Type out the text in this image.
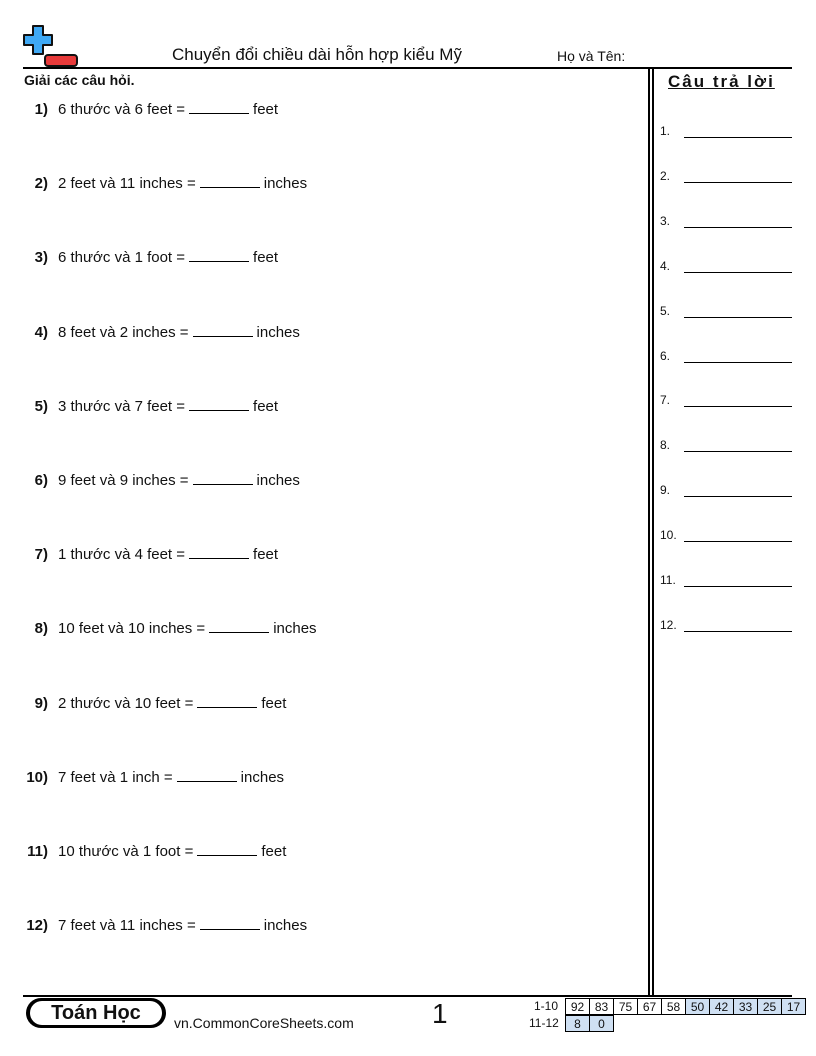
Chuyển đổi chiều dài hỗn hợp kiểu Mỹ	Họ và Tên:
Giải các câu hỏi.
1) 6 thước và 6 feet =	feet
2) 2 feet và 11 inches =	inches
3) 6 thước và 1 foot =	feet
4) 8 feet và 2 inches =	inches
5) 3 thước và 7 feet =	feet
6) 9 feet và 9 inches =	inches
7) 1 thước và 4 feet =	feet
8) 10 feet và 10 inches =	inches
9) 2 thước và 10 feet =	feet
10) 7 feet và 1 inch =	inches
11) 10 thước và 1 foot =	feet
12) 7 feet và 11 inches =	inches
Câu trả lời
1.
2.
3.
4.
5.
6.
7.
8.
9.
10.
11.
12.
Toán Học	vn.CommonCoreSheets.com	1	1-10 92	83	75	67	58	50	42	33	25	17
11-12 8	0
